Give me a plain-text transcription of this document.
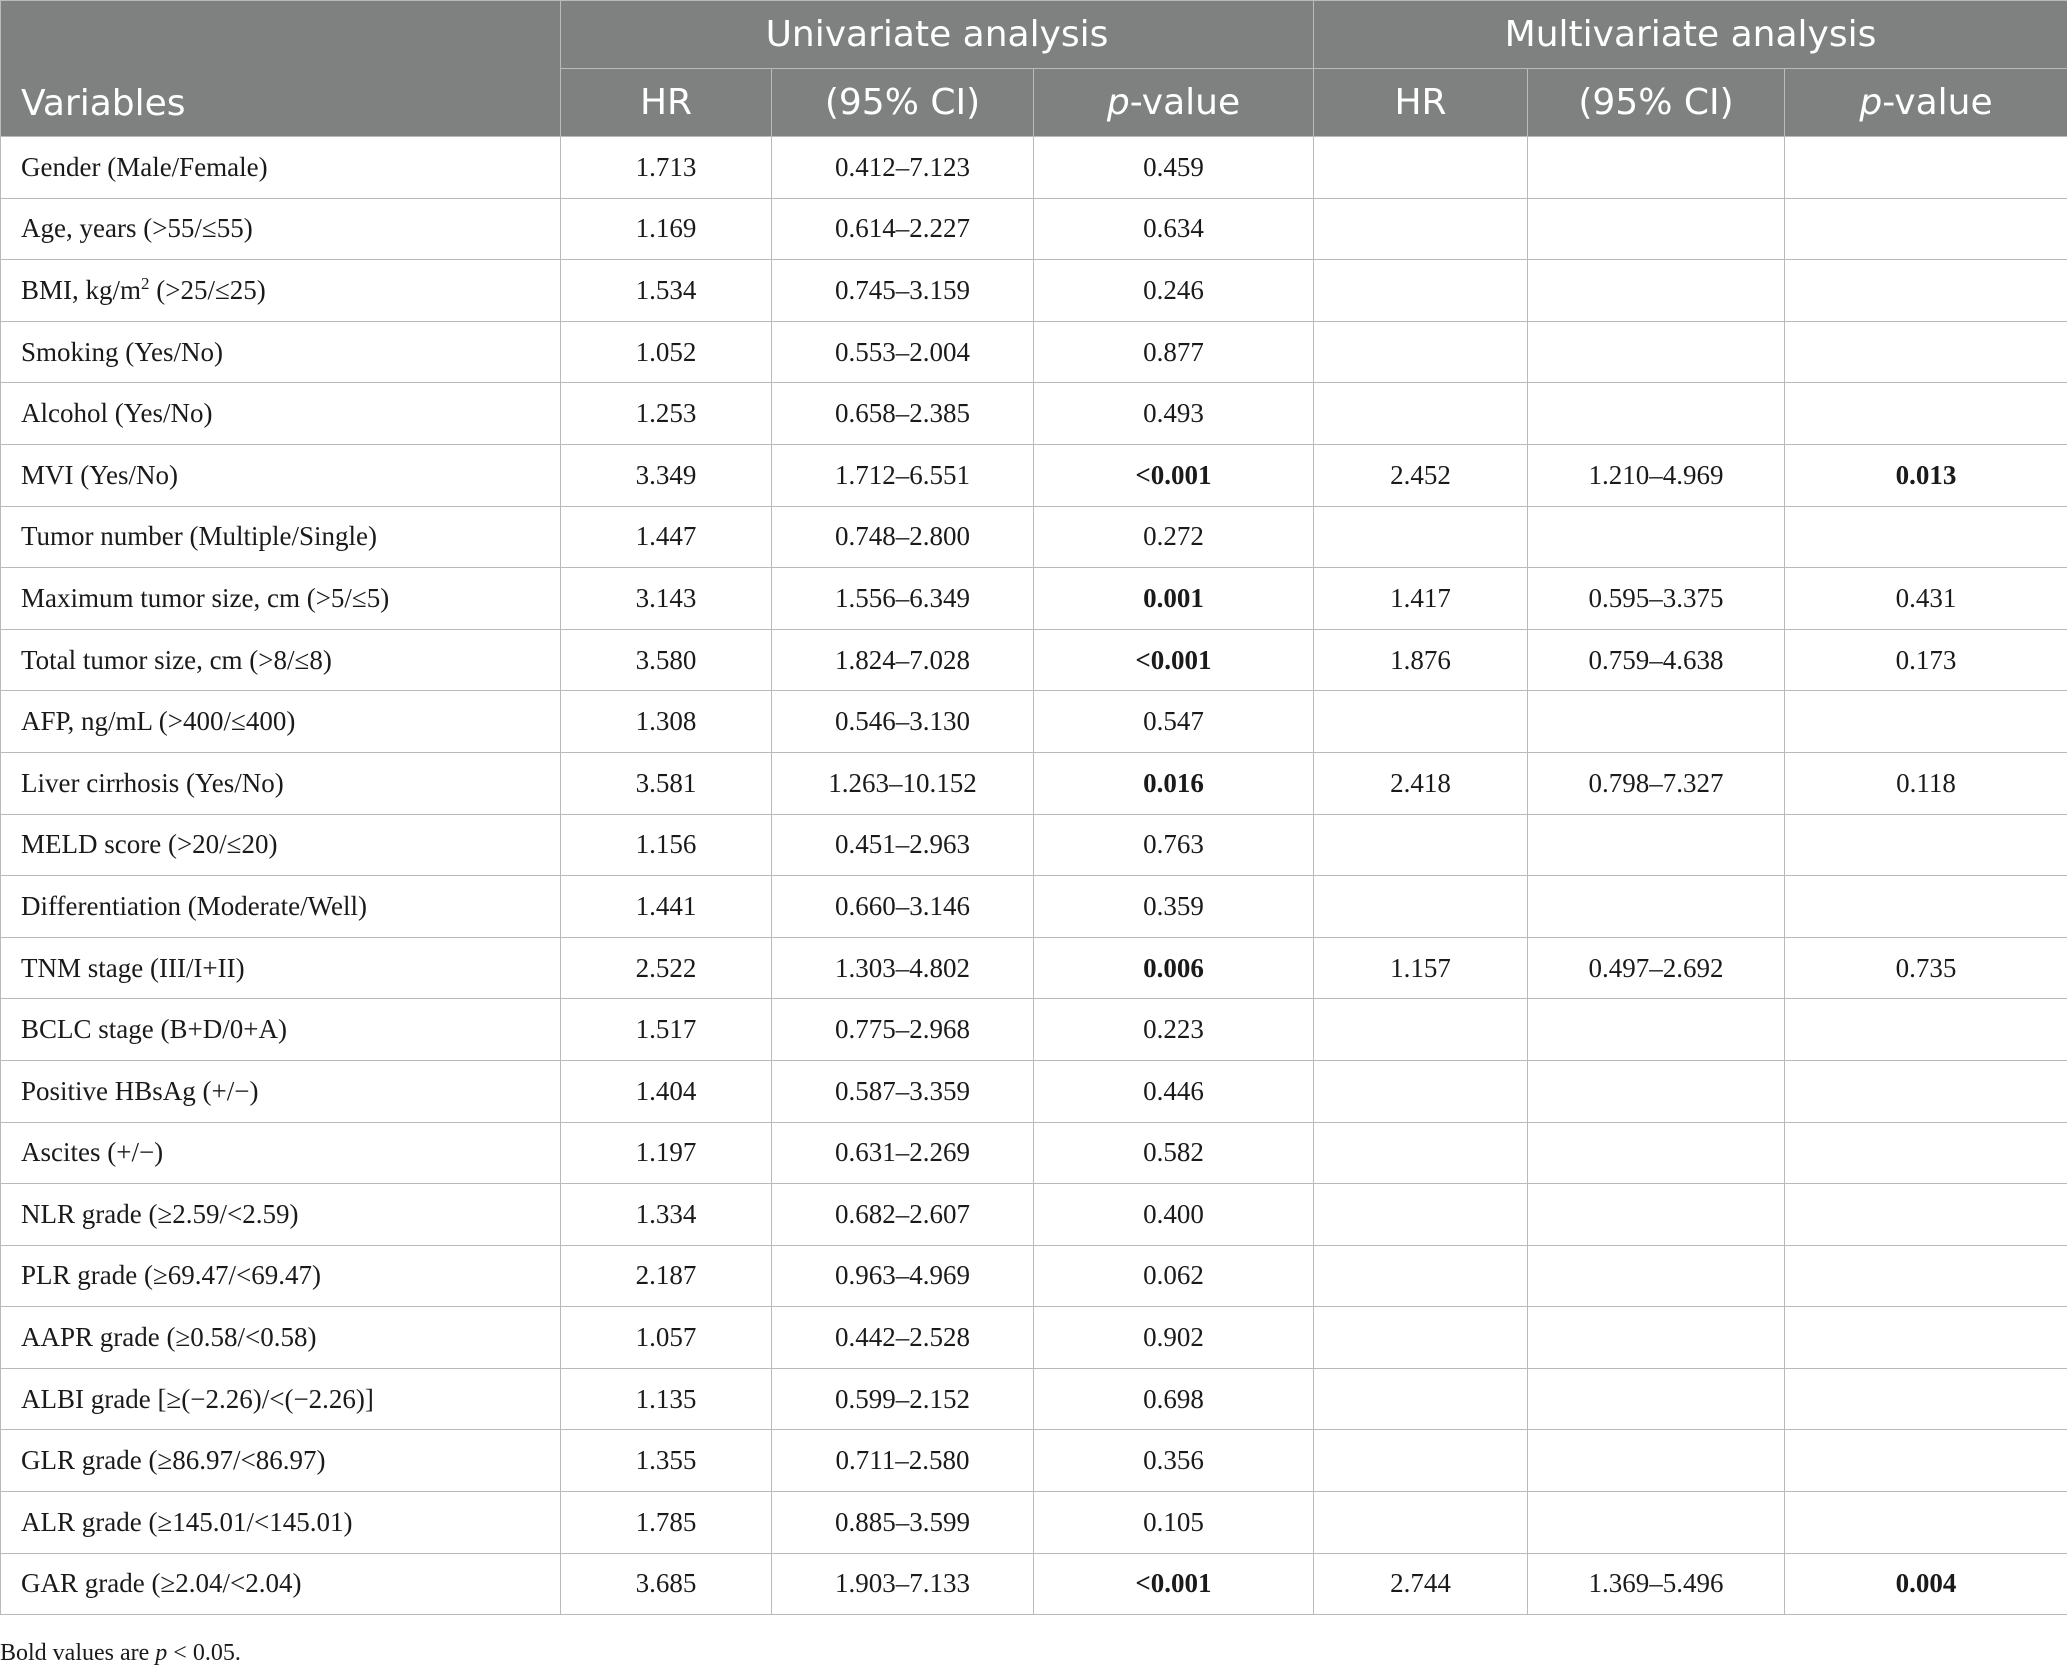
Variables	Univariate analysis			Multivariate analysis		
	HR	(95% CI)	p-value	HR	(95% CI)	p-value
Gender (Male/Female)	1.713	0.412–7.123	0.459			
Age, years (>55/≤55)	1.169	0.614–2.227	0.634			
BMI, $kg/m^2$ (>25/≤25)	1.534	0.745–3.159	0.246			
Smoking (Yes/No)	1.052	0.553–2.004	0.877			
Alcohol (Yes/No)	1.253	0.658–2.385	0.493			
MVI (Yes/No)	3.349	1.712–6.551	<0.001	2.452	1.210–4.969	0.013
Tumor number (Multiple/Single)	1.447	0.748–2.800	0.272			
Maximum tumor size, cm (>5/≤5)	3.143	1.556–6.349	0.001	1.417	0.595–3.375	0.431
Total tumor size, cm (>8/≤8)	3.580	1.824–7.028	<0.001	1.876	0.759–4.638	0.173
AFP, ng/mL (>400/≤400)	1.308	0.546–3.130	0.547			
Liver cirrhosis (Yes/No)	3.581	1.263–10.152	0.016	2.418	0.798–7.327	0.118
MELD score (>20/≤20)	1.156	0.451–2.963	0.763			
Differentiation (Moderate/Well)	1.441	0.660–3.146	0.359			
TNM stage (III/I+II)	2.522	1.303–4.802	0.006	1.157	0.497–2.692	0.735
BCLC stage (B+D/0+A)	1.517	0.775–2.968	0.223			
Positive HBsAg (+/−)	1.404	0.587–3.359	0.446			
Ascites (+/−)	1.197	0.631–2.269	0.582			
NLR grade (≥2.59/<2.59)	1.334	0.682–2.607	0.400			
PLR grade (≥69.47/<69.47)	2.187	0.963–4.969	0.062			
AAPR grade (≥0.58/<0.58)	1.057	0.442–2.528	0.902			
ALBI grade [≥(−2.26)/<(−2.26)]	1.135	0.599–2.152	0.698			
GLR grade (≥86.97/<86.97)	1.355	0.711–2.580	0.356			
ALR grade (≥145.01/<145.01)	1.785	0.885–3.599	0.105			
GAR grade (≥2.04/<2.04)	3.685	1.903–7.133	<0.001	2.744	1.369–5.496	0.004
Bold values are p < 0.05.
